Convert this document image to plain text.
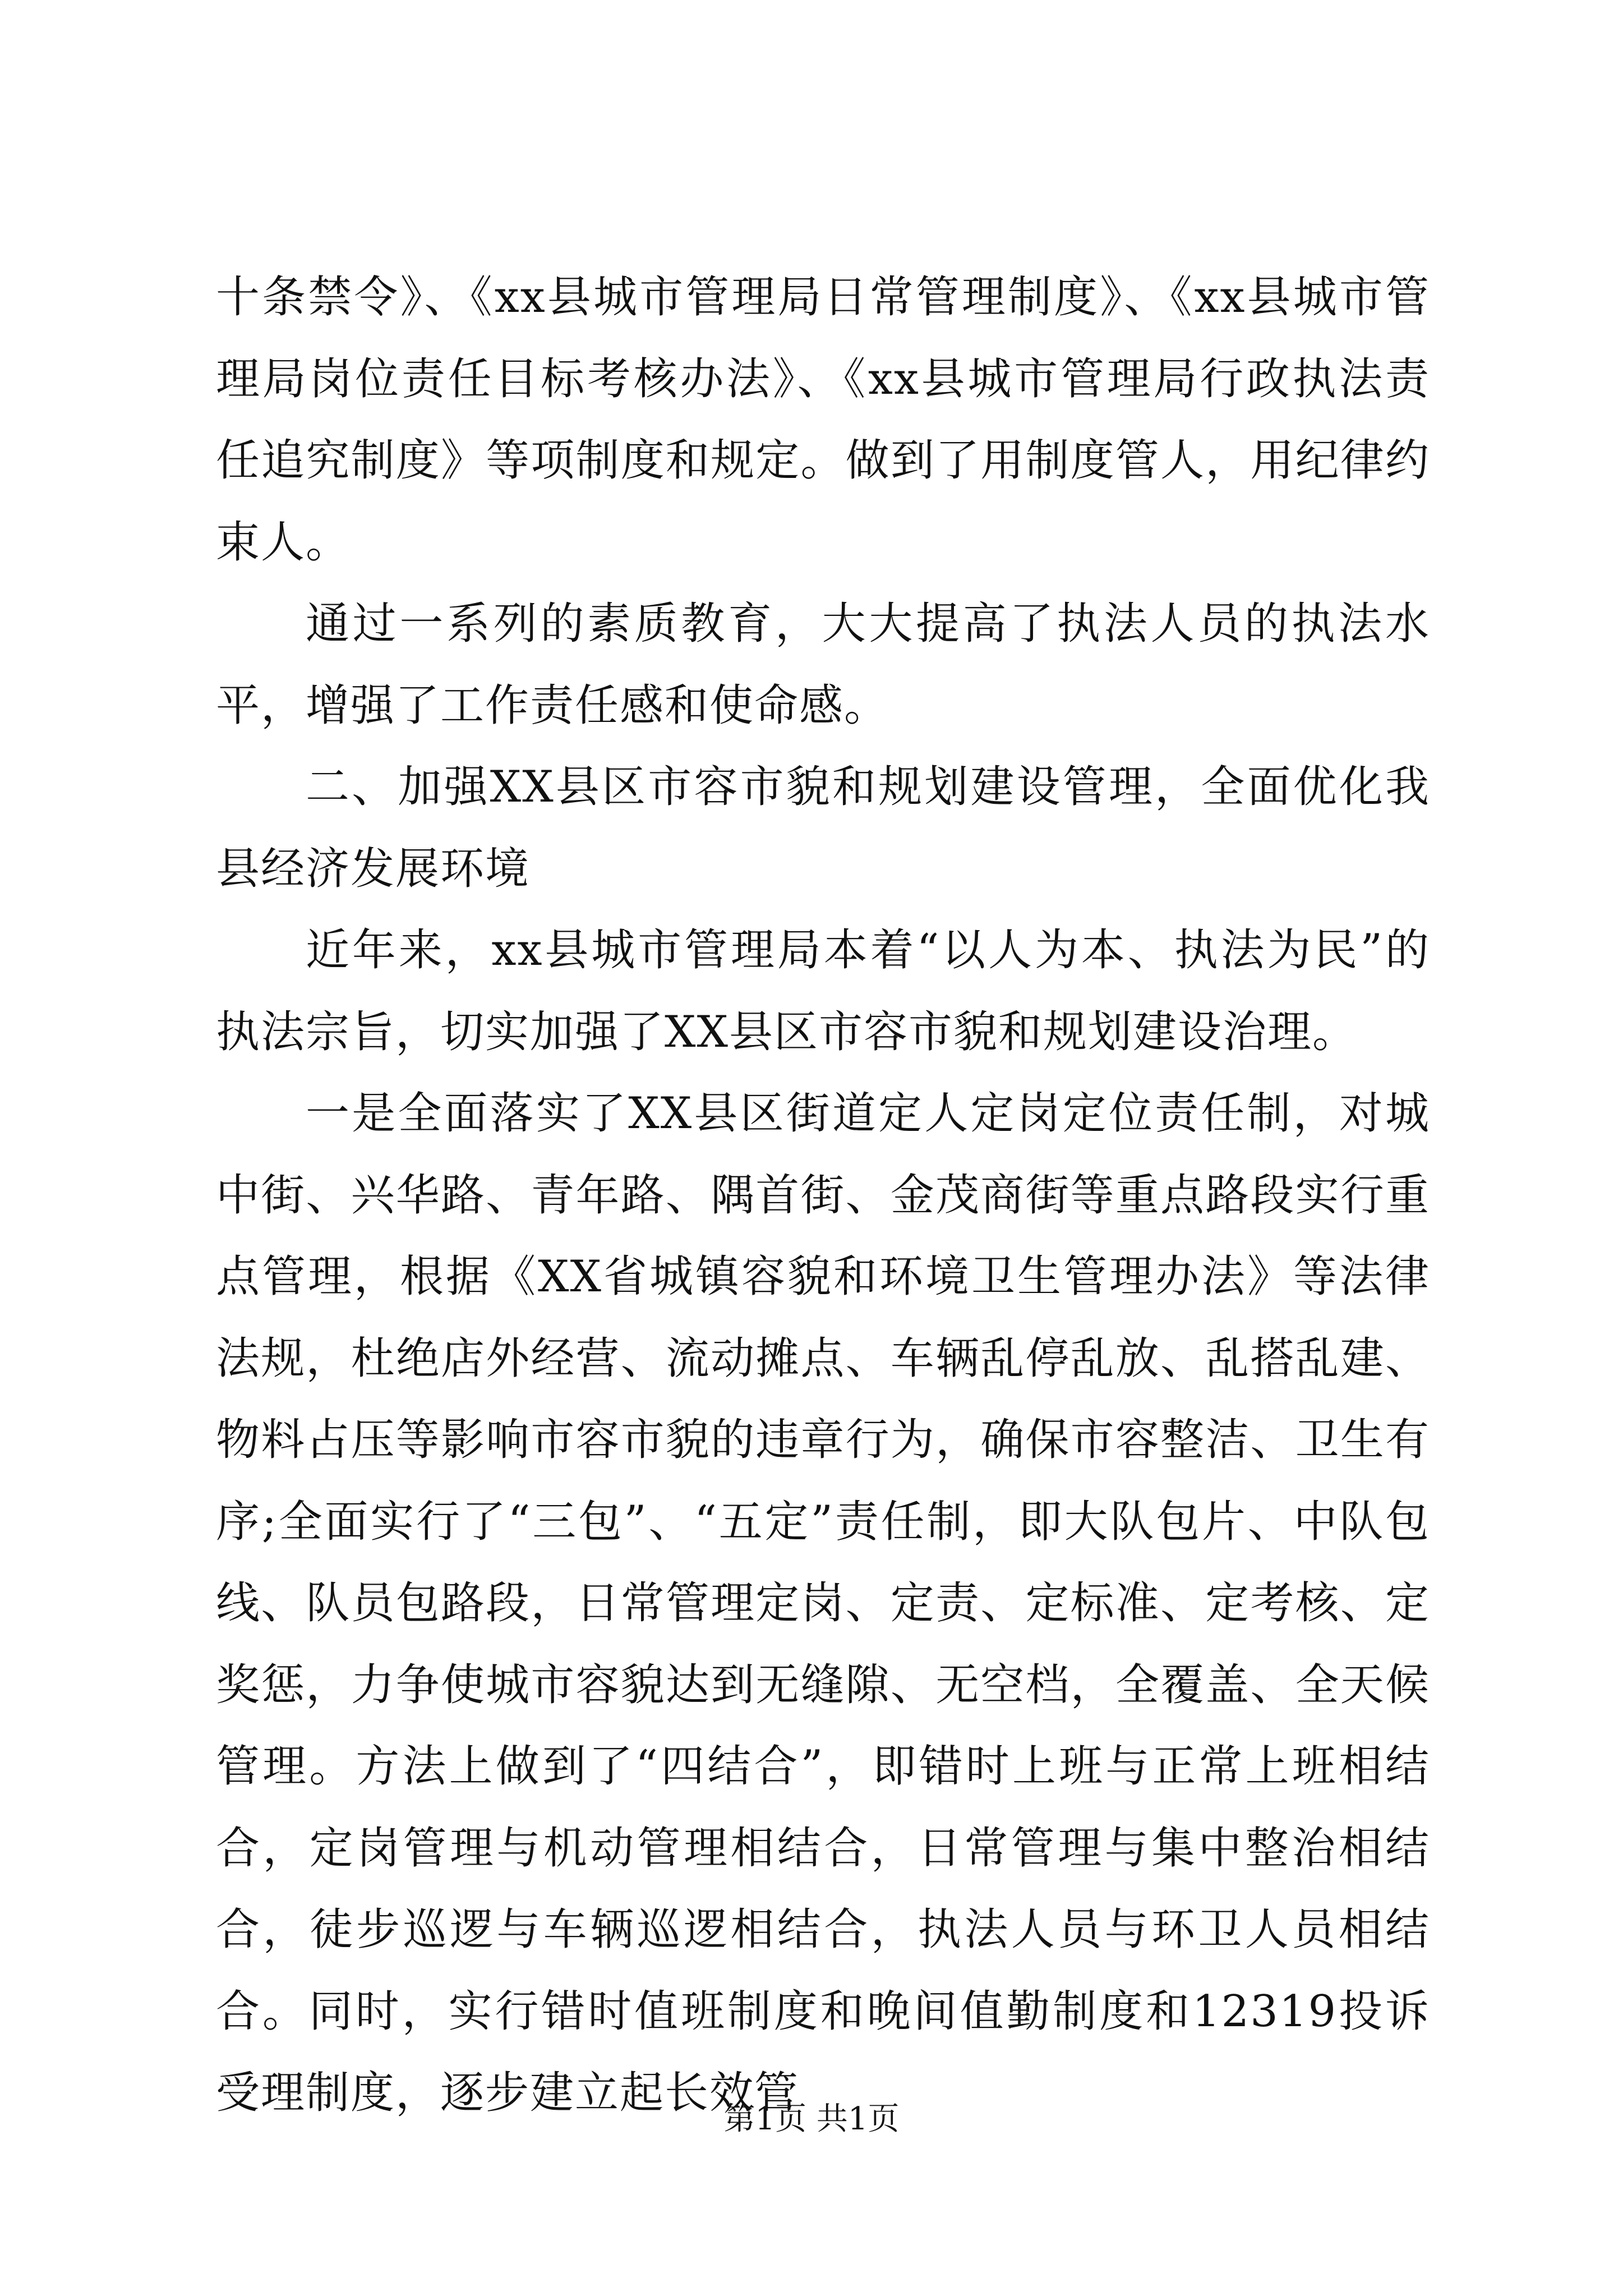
十条禁令》、《xx县城市管理局日常管理制度》、《xx县城市管理局岗位责任目标考核办法》、《xx县城市管理局行政执法责任追究制度》等项制度和规定。做到了用制度管人，用纪律约束人。

通过一系列的素质教育，大大提高了执法人员的执法水平，增强了工作责任感和使命感。

二、加强XX县区市容市貌和规划建设管理，全面优化我县经济发展环境

近年来，xx县城市管理局本着“以人为本、执法为民”的执法宗旨，切实加强了XX县区市容市貌和规划建设治理。

一是全面落实了XX县区街道定人定岗定位责任制，对城中街、兴华路、青年路、隅首街、金茂商街等重点路段实行重点管理，根据《XX省城镇容貌和环境卫生管理办法》等法律法规，杜绝店外经营、流动摊点、车辆乱停乱放、乱搭乱建、物料占压等影响市容市貌的违章行为，确保市容整洁、卫生有序;全面实行了“三包”、“五定”责任制，即大队包片、中队包线、队员包路段，日常管理定岗、定责、定标准、定考核、定奖惩，力争使城市容貌达到无缝隙、无空档，全覆盖、全天候管理。方法上做到了“四结合”，即错时上班与正常上班相结合，定岗管理与机动管理相结合，日常管理与集中整治相结合，徒步巡逻与车辆巡逻相结合，执法人员与环卫人员相结合。同时，实行错时值班制度和晚间值勤制度和12319投诉受理制度，逐步建立起长效管

第1页 共1页
